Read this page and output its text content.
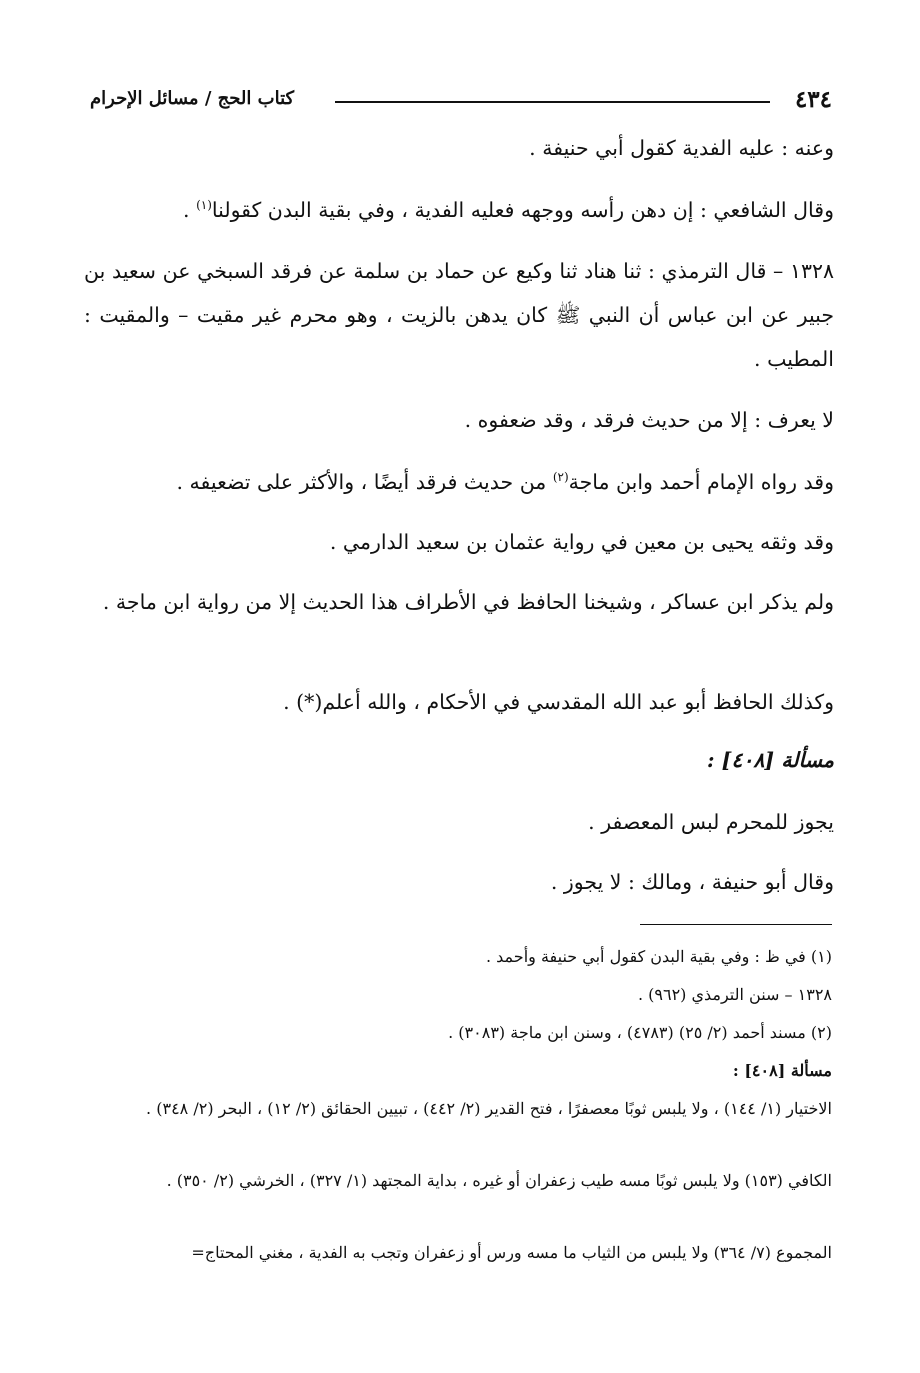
٤٣٤
كتاب الحج / مسائل الإحرام
وعنه : عليه الفدية كقول أبي حنيفة .
وقال الشافعي : إن دهن رأسه ووجهه فعليه الفدية ، وفي بقية البدن كقولنا$^{(١)}$ .
١٣٢٨ – قال الترمذي : ثنا هناد ثنا وكيع عن حماد بن سلمة عن فرقد السبخي عن سعيد بن جبير عن ابن عباس أن النبي ﷺ كان يدهن بالزيت ، وهو محرم غير مقيت – والمقيت : المطيب .
لا يعرف : إلا من حديث فرقد ، وقد ضعفوه .
وقد رواه الإمام أحمد وابن ماجة$^{(٢)}$ من حديث فرقد أيضًا ، والأكثر على تضعيفه .
وقد وثقه يحيى بن معين في رواية عثمان بن سعيد الدارمي .
ولم يذكر ابن عساكر ، وشيخنا الحافظ في الأطراف هذا الحديث إلا من رواية ابن ماجة .
وكذلك الحافظ أبو عبد الله المقدسي في الأحكام ، والله أعلم(*) .
مسألة [٤٠٨] :
يجوز للمحرم لبس المعصفر .
وقال أبو حنيفة ، ومالك : لا يجوز .
(١) في ظ : وفي بقية البدن كقول أبي حنيفة وأحمد .
١٣٢٨ – سنن الترمذي (٩٦٢) .
(٢) مسند أحمد (٢/ ٢٥) (٤٧٨٣) ، وسنن ابن ماجة (٣٠٨٣) .
مسألة [٤٠٨] :
الاختيار (١/ ١٤٤) ، ولا يلبس ثوبًا معصفرًا ، فتح القدير (٢/ ٤٤٢) ، تبيين الحقائق (٢/ ١٢) ، البحر (٢/ ٣٤٨) .
الكافي (١٥٣) ولا يلبس ثوبًا مسه طيب زعفران أو غيره ، بداية المجتهد (١/ ٣٢٧) ، الخرشي (٢/ ٣٥٠) .
المجموع (٧/ ٣٦٤) ولا يلبس من الثياب ما مسه ورس أو زعفران وتجب به الفدية ، مغني المحتاج=
